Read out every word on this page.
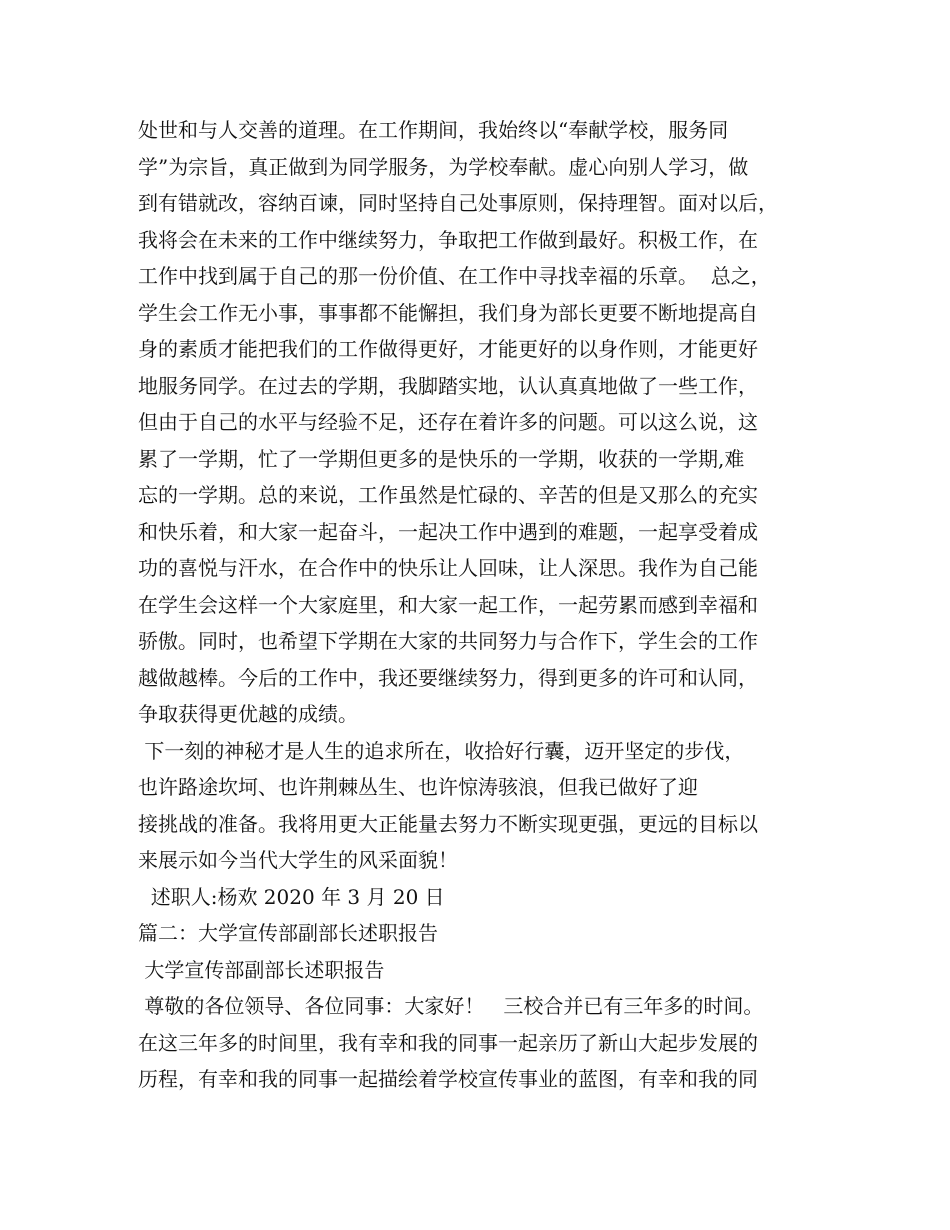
处世和与人交善的道理。在工作期间，我始终以“奉献学校，服务同
学”为宗旨，真正做到为同学服务，为学校奉献。虚心向别人学习，做
到有错就改，容纳百谏，同时坚持自己处事原则，保持理智。面对以后，
我将会在未来的工作中继续努力，争取把工作做到最好。积极工作，在
工作中找到属于自己的那一份价值、在工作中寻找幸福的乐章。  总之，
学生会工作无小事，事事都不能懈担，我们身为部长更要不断地提高自
身的素质才能把我们的工作做得更好，才能更好的以身作则，才能更好
地服务同学。在过去的学期，我脚踏实地，认认真真地做了一些工作，
但由于自己的水平与经验不足，还存在着许多的问题。可以这么说，这
累了一学期，忙了一学期但更多的是快乐的一学期，收获的一学期,难
忘的一学期。总的来说，工作虽然是忙碌的、辛苦的但是又那么的充实
和快乐着，和大家一起奋斗，一起决工作中遇到的难题，一起享受着成
功的喜悦与汗水，在合作中的快乐让人回味，让人深思。我作为自己能
在学生会这样一个大家庭里，和大家一起工作，一起劳累而感到幸福和
骄傲。同时，也希望下学期在大家的共同努力与合作下，学生会的工作
越做越棒。今后的工作中，我还要继续努力，得到更多的许可和认同，
争取获得更优越的成绩。
下一刻的神秘才是人生的追求所在，收拾好行囊，迈开坚定的步伐，
也许路途坎坷、也许荆棘丛生、也许惊涛骇浪，但我已做好了迎
接挑战的准备。我将用更大正能量去努力不断实现更强，更远的目标以
来展示如今当代大学生的风采面貌！
述职人:杨欢 2020 年 3 月 20 日
篇二：大学宣传部副部长述职报告
大学宣传部副部长述职报告
尊敬的各位领导、各位同事：大家好！   三校合并已有三年多的时间。
在这三年多的时间里，我有幸和我的同事一起亲历了新山大起步发展的
历程，有幸和我的同事一起描绘着学校宣传事业的蓝图，有幸和我的同
